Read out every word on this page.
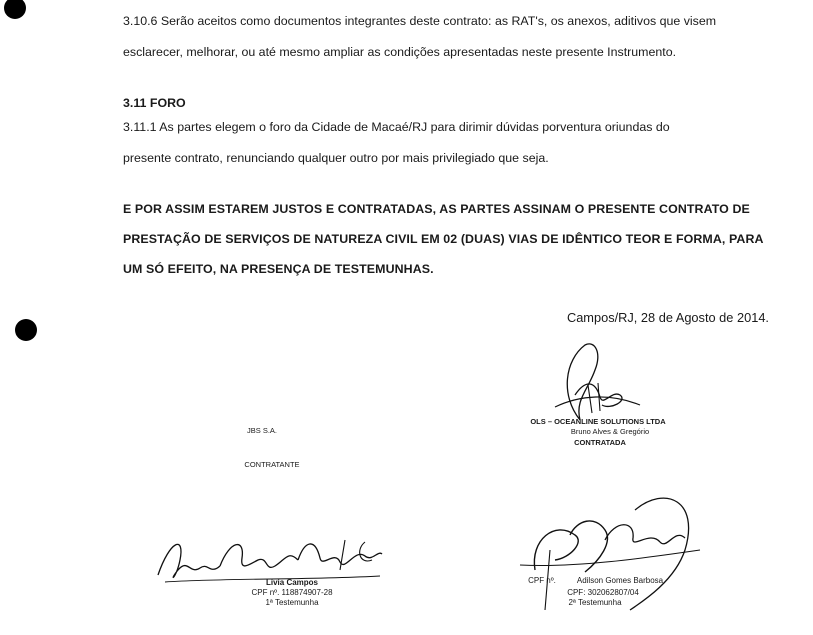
3.10.6 Serão aceitos como documentos integrantes deste contrato: as RAT's, os anexos, aditivos que visem
esclarecer, melhorar, ou até mesmo ampliar as condições apresentadas neste presente Instrumento.
3.11 FORO
3.11.1 As partes elegem o foro da Cidade de Macaé/RJ para dirimir dúvidas porventura oriundas do
presente contrato, renunciando qualquer outro por mais privilegiado que seja.
E POR ASSIM ESTAREM JUSTOS E CONTRATADAS, AS PARTES ASSINAM O PRESENTE CONTRATO DE
PRESTAÇÃO DE SERVIÇOS DE NATUREZA CIVIL EM 02 (DUAS) VIAS DE IDÊNTICO TEOR E FORMA, PARA
UM SÓ EFEITO, NA PRESENÇA DE TESTEMUNHAS.
Campos/RJ, 28 de Agosto de 2014.
JBS S.A.
CONTRATANTE
OLS – OCEANLINE SOLUTIONS LTDA
Bruno Alves & Gregório
CONTRATADA
Livia Campos
CPF nº. 118874907-28
1ª Testemunha
CPF nº.	Adilson Gomes Barbosa
CPF: 302062807/04
2ª Testemunha
